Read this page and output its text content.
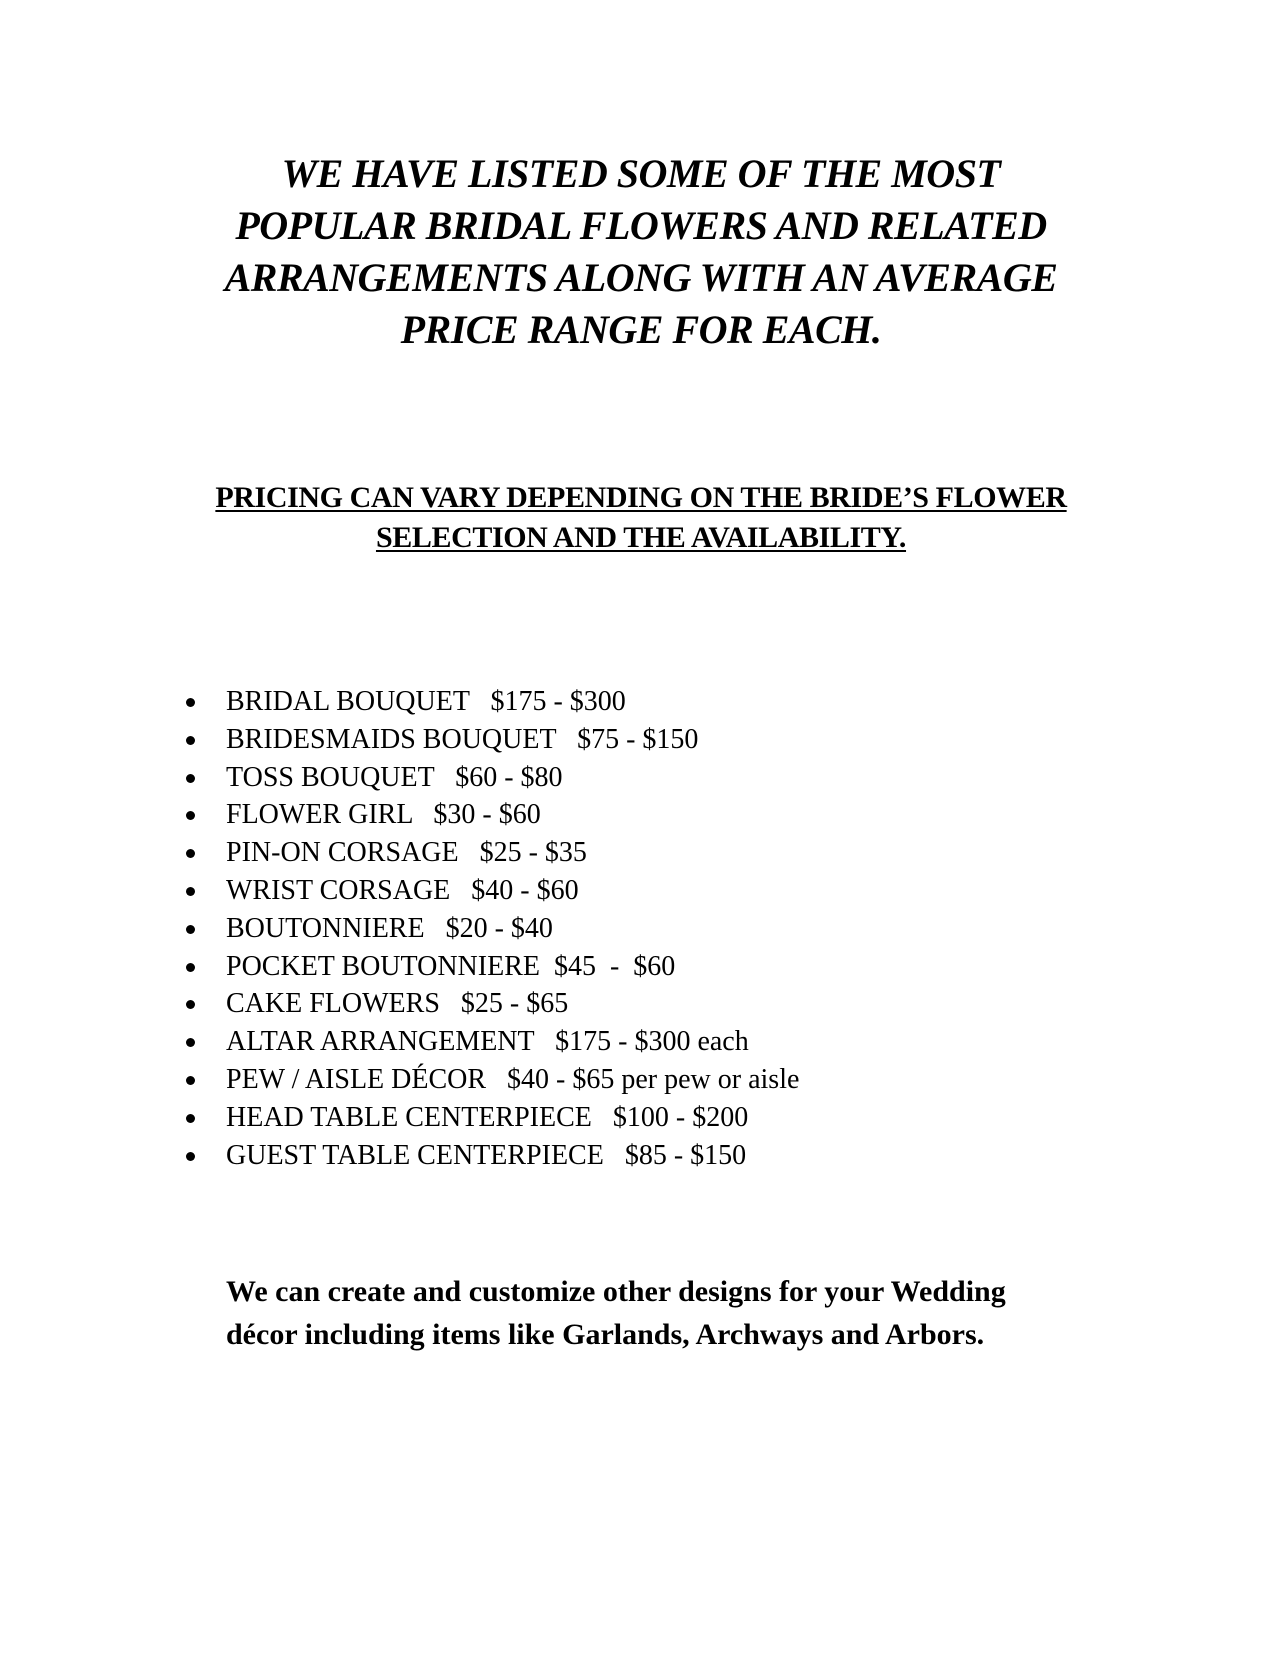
WE HAVE LISTED SOME OF THE MOST
POPULAR BRIDAL FLOWERS AND RELATED
ARRANGEMENTS ALONG WITH AN AVERAGE
PRICE RANGE FOR EACH.

PRICING CAN VARY DEPENDING ON THE BRIDE’S FLOWER
SELECTION AND THE AVAILABILITY.

BRIDAL BOUQUET   $175 - $300
BRIDESMAIDS BOUQUET   $75 - $150
TOSS BOUQUET   $60 - $80
FLOWER GIRL   $30 - $60
PIN-ON CORSAGE   $25 - $35
WRIST CORSAGE   $40 - $60
BOUTONNIERE   $20 - $40
POCKET BOUTONNIERE  $45  -  $60
CAKE FLOWERS   $25 - $65
ALTAR ARRANGEMENT   $175 - $300 each
PEW / AISLE DÉCOR   $40 - $65 per pew or aisle
HEAD TABLE CENTERPIECE   $100 - $200
GUEST TABLE CENTERPIECE   $85 - $150

We can create and customize other designs for your Wedding
décor including items like Garlands, Archways and Arbors.
